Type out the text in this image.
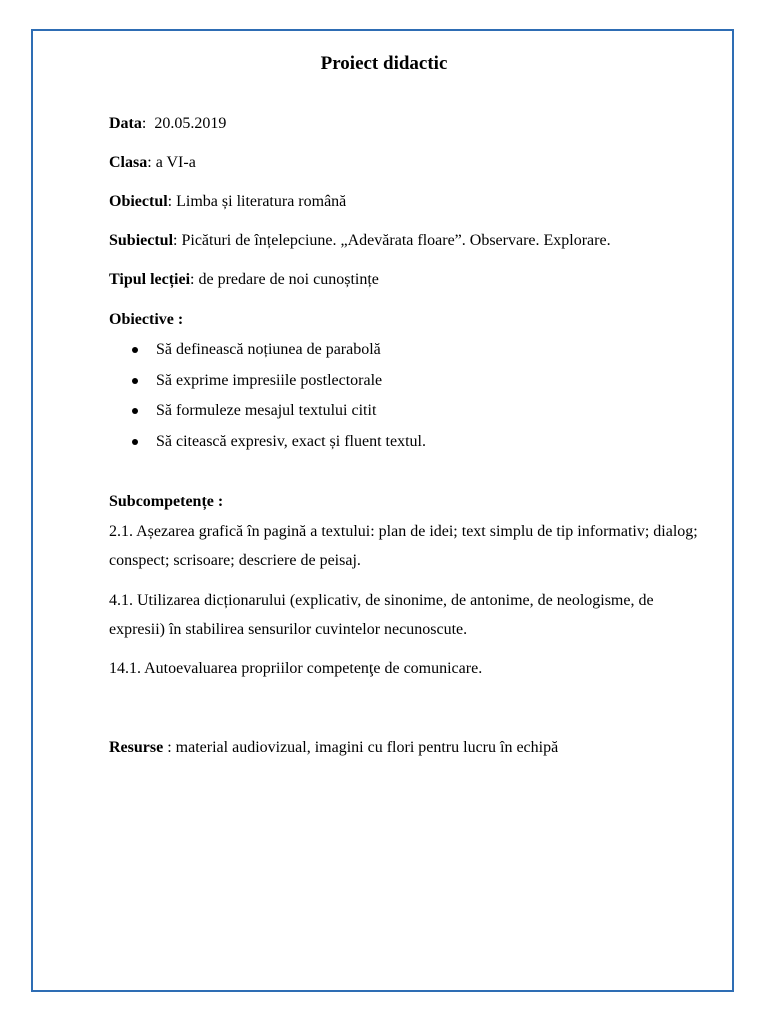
Proiect didactic
Data:  20.05.2019
Clasa: a VI-a
Obiectul: Limba și literatura română
Subiectul: Picături de înțelepciune. „Adevărata floare”. Observare. Explorare.
Tipul lecției: de predare de noi cunoștințe
Obiective :
Să definească noțiunea de parabolă
Să exprime impresiile postlectorale
Să formuleze mesajul textului citit
Să citească expresiv, exact și fluent textul.
Subcompetențe :
2.1. Așezarea grafică în pagină a textului: plan de idei; text simplu de tip informativ; dialog; conspect; scrisoare; descriere de peisaj.
4.1. Utilizarea dicționarului (explicativ, de sinonime, de antonime, de neologisme, de expresii) în stabilirea sensurilor cuvintelor necunoscute.
14.1. Autoevaluarea propriilor competenţe de comunicare.
Resurse : material audiovizual, imagini cu flori pentru lucru în echipă
